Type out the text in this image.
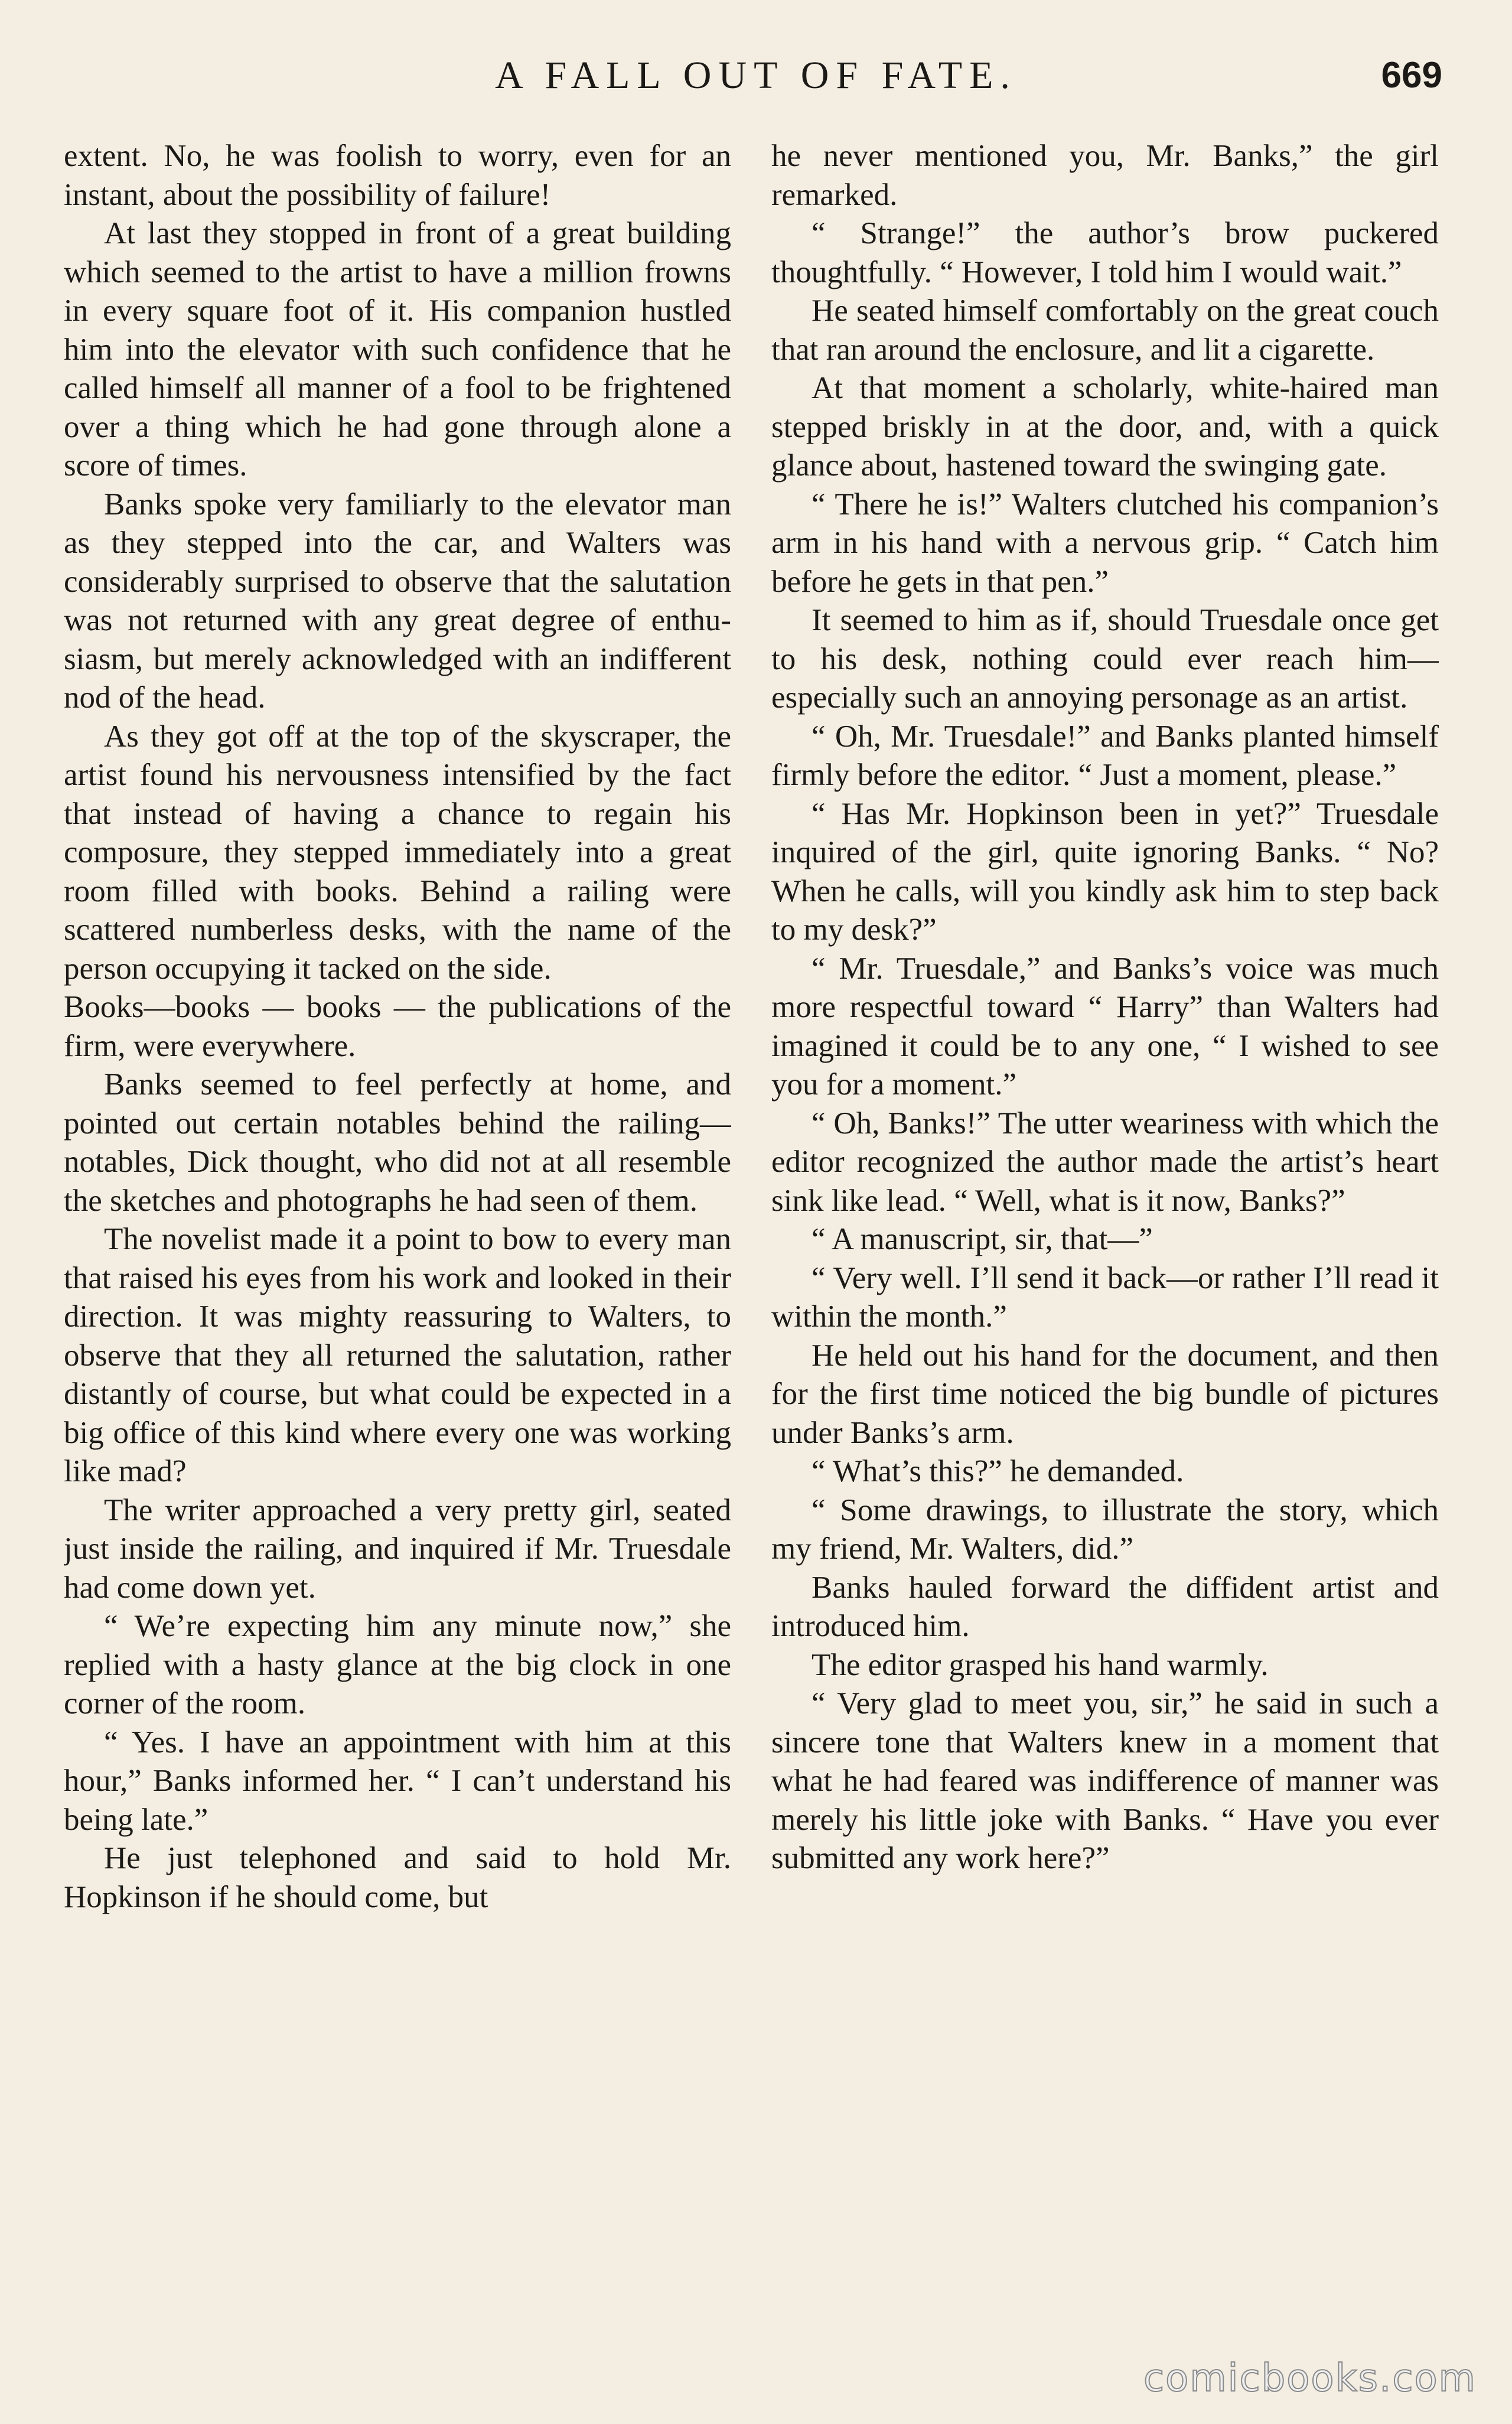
A FALL OUT OF FATE.	669

extent. No, he was foolish to worry, even for an instant, about the possibility of failure!

At last they stopped in front of a great building which seemed to the artist to have a million frowns in every square foot of it. His companion hustled him into the elevator with such confidence that he called himself all manner of a fool to be frightened over a thing which he had gone through alone a score of times.

Banks spoke very familiarly to the elevator man as they stepped into the car, and Walters was considerably surprised to observe that the salutation was not returned with any great degree of enthusiasm, but merely acknowledged with an indifferent nod of the head.

As they got off at the top of the skyscraper, the artist found his nervousness intensified by the fact that instead of having a chance to regain his composure, they stepped immediately into a great room filled with books. Behind a railing were scattered numberless desks, with the name of the person occupying it tacked on the side.

Books—books — books — the publications of the firm, were everywhere.

Banks seemed to feel perfectly at home, and pointed out certain notables behind the railing—notables, Dick thought, who did not at all resemble the sketches and photographs he had seen of them.

The novelist made it a point to bow to every man that raised his eyes from his work and looked in their direction. It was mighty reassuring to Walters, to observe that they all returned the salutation, rather distantly of course, but what could be expected in a big office of this kind where every one was working like mad?

The writer approached a very pretty girl, seated just inside the railing, and inquired if Mr. Truesdale had come down yet.

“ We’re expecting him any minute now,” she replied with a hasty glance at the big clock in one corner of the room.

“ Yes. I have an appointment with him at this hour,” Banks informed her. “ I can’t understand his being late.”

He just telephoned and said to hold Mr. Hopkinson if he should come, but

he never mentioned you, Mr. Banks,” the girl remarked.

“ Strange!” the author’s brow puckered thoughtfully. “ However, I told him I would wait.”

He seated himself comfortably on the great couch that ran around the enclosure, and lit a cigarette.

At that moment a scholarly, white-haired man stepped briskly in at the door, and, with a quick glance about, hastened toward the swinging gate.

“ There he is!” Walters clutched his companion’s arm in his hand with a nervous grip. “ Catch him before he gets in that pen.”

It seemed to him as if, should Truesdale once get to his desk, nothing could ever reach him—especially such an annoying personage as an artist.

“ Oh, Mr. Truesdale!” and Banks planted himself firmly before the editor. “ Just a moment, please.”

“ Has Mr. Hopkinson been in yet?” Truesdale inquired of the girl, quite ignoring Banks. “ No? When he calls, will you kindly ask him to step back to my desk?”

“ Mr. Truesdale,” and Banks’s voice was much more respectful toward “ Harry” than Walters had imagined it could be to any one, “ I wished to see you for a moment.”

“ Oh, Banks!” The utter weariness with which the editor recognized the author made the artist’s heart sink like lead. “ Well, what is it now, Banks?”

“ A manuscript, sir, that—”

“ Very well. I’ll send it back—or rather I’ll read it within the month.”

He held out his hand for the document, and then for the first time noticed the big bundle of pictures under Banks’s arm.

“ What’s this?” he demanded.

“ Some drawings, to illustrate the story, which my friend, Mr. Walters, did.”

Banks hauled forward the diffident artist and introduced him.

The editor grasped his hand warmly.

“ Very glad to meet you, sir,” he said in such a sincere tone that Walters knew in a moment that what he had feared was indifference of manner was merely his little joke with Banks. “ Have you ever submitted any work here?”

comicbooks.com
